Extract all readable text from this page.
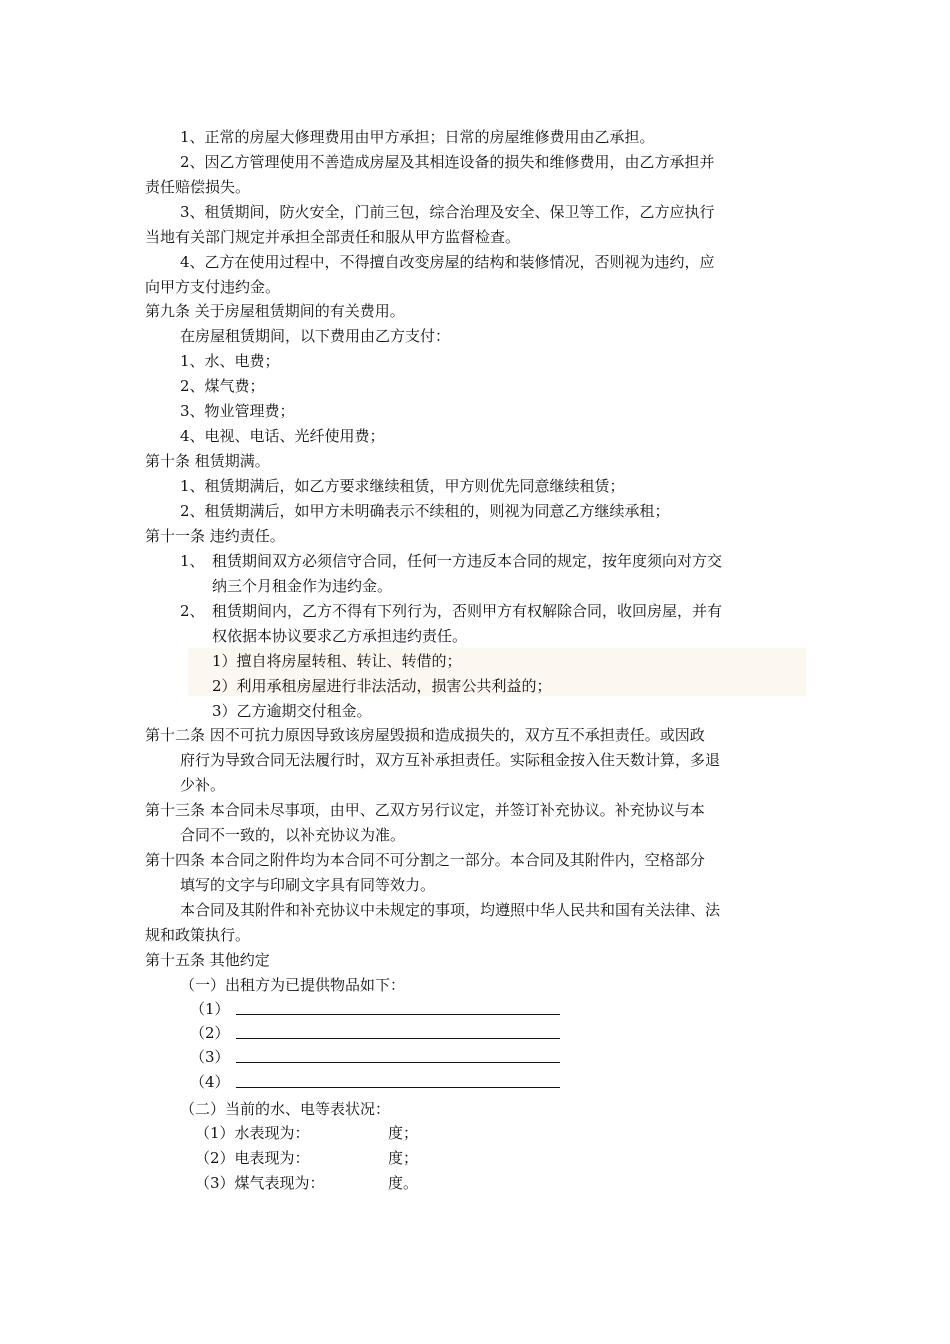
1、正常的房屋大修理费用由甲方承担；日常的房屋维修费用由乙承担。
2、因乙方管理使用不善造成房屋及其相连设备的损失和维修费用，由乙方承担并
责任赔偿损失。
3、租赁期间，防火安全，门前三包，综合治理及安全、保卫等工作，乙方应执行
当地有关部门规定并承担全部责任和服从甲方监督检查。
4、乙方在使用过程中，不得擅自改变房屋的结构和装修情况，否则视为违约，应
向甲方支付违约金。
第九条 关于房屋租赁期间的有关费用。
在房屋租赁期间，以下费用由乙方支付：
1、水、电费；
2、煤气费；
3、物业管理费；
4、电视、电话、光纤使用费；
第十条 租赁期满。
1、租赁期满后，如乙方要求继续租赁，甲方则优先同意继续租赁；
2、租赁期满后，如甲方未明确表示不续租的，则视为同意乙方继续承租；
第十一条 违约责任。
1、 租赁期间双方必须信守合同，任何一方违反本合同的规定，按年度须向对方交
纳三个月租金作为违约金。
2、 租赁期间内，乙方不得有下列行为，否则甲方有权解除合同，收回房屋，并有
权依据本协议要求乙方承担违约责任。
1）擅自将房屋转租、转让、转借的；
2）利用承租房屋进行非法活动，损害公共利益的；
3）乙方逾期交付租金。
第十二条 因不可抗力原因导致该房屋毁损和造成损失的，双方互不承担责任。或因政
府行为导致合同无法履行时，双方互补承担责任。实际租金按入住天数计算，多退
少补。
第十三条 本合同未尽事项，由甲、乙双方另行议定，并签订补充协议。补充协议与本
合同不一致的，以补充协议为准。
第十四条 本合同之附件均为本合同不可分割之一部分。本合同及其附件内，空格部分
填写的文字与印刷文字具有同等效力。
本合同及其附件和补充协议中未规定的事项，均遵照中华人民共和国有关法律、法
规和政策执行。
第十五条 其他约定
（一）出租方为已提供物品如下：
（1）
（2）
（3）
（4）
（二）当前的水、电等表状况：
（1）水表现为：	度；
（2）电表现为：	度；
（3）煤气表现为：	度。
